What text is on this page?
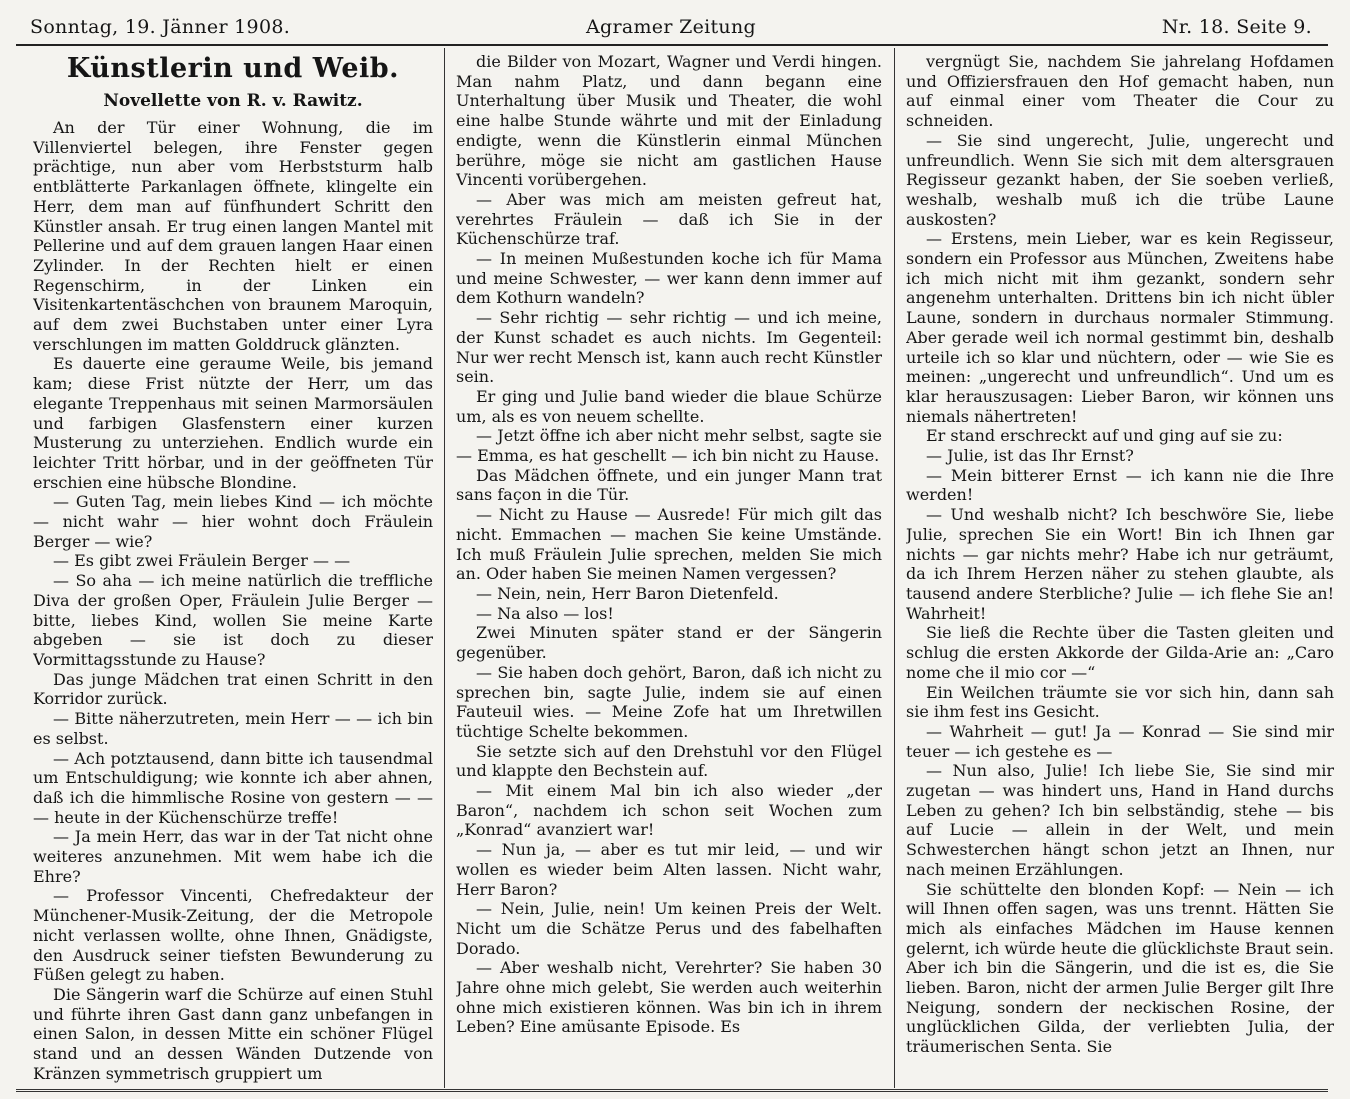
Sonntag, 19. Jänner 1908.	Agramer Zeitung	Nr. 18. Seite 9.
Künstlerin und Weib.
Novellette von R. v. Rawitz.

An der Tür einer Wohnung, die im Villenviertel belegen, ihre Fenster gegen prächtige, nun aber vom Herbststurm halb entblätterte Parkanlagen öffnete, klingelte ein Herr, dem man auf fünfhundert Schritt den Künstler ansah. Er trug einen langen Mantel mit Pellerine und auf dem grauen langen Haar einen Zylinder. In der Rechten hielt er einen Regenschirm, in der Linken ein Visitenkartentäschchen von braunem Maroquin, auf dem zwei Buchstaben unter einer Lyra verschlungen im matten Golddruck glänzten.

Es dauerte eine geraume Weile, bis jemand kam; diese Frist nützte der Herr, um das elegante Treppenhaus mit seinen Marmorsäulen und farbigen Glasfenstern einer kurzen Musterung zu unterziehen. Endlich wurde ein leichter Tritt hörbar, und in der geöffneten Tür erschien eine hübsche Blondine.

— Guten Tag, mein liebes Kind — ich möchte — nicht wahr — hier wohnt doch Fräulein Berger — wie?

— Es gibt zwei Fräulein Berger — —

— So aha — ich meine natürlich die treffliche Diva der großen Oper, Fräulein Julie Berger — bitte, liebes Kind, wollen Sie meine Karte abgeben — sie ist doch zu dieser Vormittagsstunde zu Hause?

Das junge Mädchen trat einen Schritt in den Korridor zurück.

— Bitte näherzutreten, mein Herr — — ich bin es selbst.

— Ach potztausend, dann bitte ich tausendmal um Entschuldigung; wie konnte ich aber ahnen, daß ich die himmlische Rosine von gestern — — — heute in der Küchenschürze treffe!

— Ja mein Herr, das war in der Tat nicht ohne weiteres anzunehmen. Mit wem habe ich die Ehre?

— Professor Vincenti, Chefredakteur der Münchener-Musik-Zeitung, der die Metropole nicht verlassen wollte, ohne Ihnen, Gnädigste, den Ausdruck seiner tiefsten Bewunderung zu Füßen gelegt zu haben.

Die Sängerin warf die Schürze auf einen Stuhl und führte ihren Gast dann ganz unbefangen in einen Salon, in dessen Mitte ein schöner Flügel stand und an dessen Wänden Dutzende von Kränzen symmetrisch gruppiert um

die Bilder von Mozart, Wagner und Verdi hingen. Man nahm Platz, und dann begann eine Unterhaltung über Musik und Theater, die wohl eine halbe Stunde währte und mit der Einladung endigte, wenn die Künstlerin einmal München berühre, möge sie nicht am gastlichen Hause Vincenti vorübergehen.

— Aber was mich am meisten gefreut hat, verehrtes Fräulein — daß ich Sie in der Küchenschürze traf.

— In meinen Mußestunden koche ich für Mama und meine Schwester, — wer kann denn immer auf dem Kothurn wandeln?

— Sehr richtig — sehr richtig — und ich meine, der Kunst schadet es auch nichts. Im Gegenteil: Nur wer recht Mensch ist, kann auch recht Künstler sein.

Er ging und Julie band wieder die blaue Schürze um, als es von neuem schellte.

— Jetzt öffne ich aber nicht mehr selbst, sagte sie — Emma, es hat geschellt — ich bin nicht zu Hause.

Das Mädchen öffnete, und ein junger Mann trat sans façon in die Tür.

— Nicht zu Hause — Ausrede! Für mich gilt das nicht. Emmachen — machen Sie keine Umstände. Ich muß Fräulein Julie sprechen, melden Sie mich an. Oder haben Sie meinen Namen vergessen?

— Nein, nein, Herr Baron Dietenfeld.

— Na also — los!

Zwei Minuten später stand er der Sängerin gegenüber.

— Sie haben doch gehört, Baron, daß ich nicht zu sprechen bin, sagte Julie, indem sie auf einen Fauteuil wies. — Meine Zofe hat um Ihretwillen tüchtige Schelte bekommen.

Sie setzte sich auf den Drehstuhl vor den Flügel und klappte den Bechstein auf.

— Mit einem Mal bin ich also wieder „der Baron“, nachdem ich schon seit Wochen zum „Konrad“ avanziert war!

— Nun ja, — aber es tut mir leid, — und wir wollen es wieder beim Alten lassen. Nicht wahr, Herr Baron?

— Nein, Julie, nein! Um keinen Preis der Welt. Nicht um die Schätze Perus und des fabelhaften Dorado.

— Aber weshalb nicht, Verehrter? Sie haben 30 Jahre ohne mich gelebt, Sie werden auch weiterhin ohne mich existieren können. Was bin ich in ihrem Leben? Eine amüsante Episode. Es

vergnügt Sie, nachdem Sie jahrelang Hofdamen und Offiziersfrauen den Hof gemacht haben, nun auf einmal einer vom Theater die Cour zu schneiden.

— Sie sind ungerecht, Julie, ungerecht und unfreundlich. Wenn Sie sich mit dem altersgrauen Regisseur gezankt haben, der Sie soeben verließ, weshalb, weshalb muß ich die trübe Laune auskosten?

— Erstens, mein Lieber, war es kein Regisseur, sondern ein Professor aus München, Zweitens habe ich mich nicht mit ihm gezankt, sondern sehr angenehm unterhalten. Drittens bin ich nicht übler Laune, sondern in durchaus normaler Stimmung. Aber gerade weil ich normal gestimmt bin, deshalb urteile ich so klar und nüchtern, oder — wie Sie es meinen: „ungerecht und unfreundlich“. Und um es klar herauszusagen: Lieber Baron, wir können uns niemals nähertreten!

Er stand erschreckt auf und ging auf sie zu:

— Julie, ist das Ihr Ernst?

— Mein bitterer Ernst — ich kann nie die Ihre werden!

— Und weshalb nicht? Ich beschwöre Sie, liebe Julie, sprechen Sie ein Wort! Bin ich Ihnen gar nichts — gar nichts mehr? Habe ich nur geträumt, da ich Ihrem Herzen näher zu stehen glaubte, als tausend andere Sterbliche? Julie — ich flehe Sie an! Wahrheit!

Sie ließ die Rechte über die Tasten gleiten und schlug die ersten Akkorde der Gilda-Arie an: „Caro nome che il mio cor —“

Ein Weilchen träumte sie vor sich hin, dann sah sie ihm fest ins Gesicht.

— Wahrheit — gut! Ja — Konrad — Sie sind mir teuer — ich gestehe es —

— Nun also, Julie! Ich liebe Sie, Sie sind mir zugetan — was hindert uns, Hand in Hand durchs Leben zu gehen? Ich bin selbständig, stehe — bis auf Lucie — allein in der Welt, und mein Schwesterchen hängt schon jetzt an Ihnen, nur nach meinen Erzählungen.

Sie schüttelte den blonden Kopf: — Nein — ich will Ihnen offen sagen, was uns trennt. Hätten Sie mich als einfaches Mädchen im Hause kennen gelernt, ich würde heute die glücklichste Braut sein. Aber ich bin die Sängerin, und die ist es, die Sie lieben. Baron, nicht der armen Julie Berger gilt Ihre Neigung, sondern der neckischen Rosine, der unglücklichen Gilda, der verliebten Julia, der träumerischen Senta. Sie
